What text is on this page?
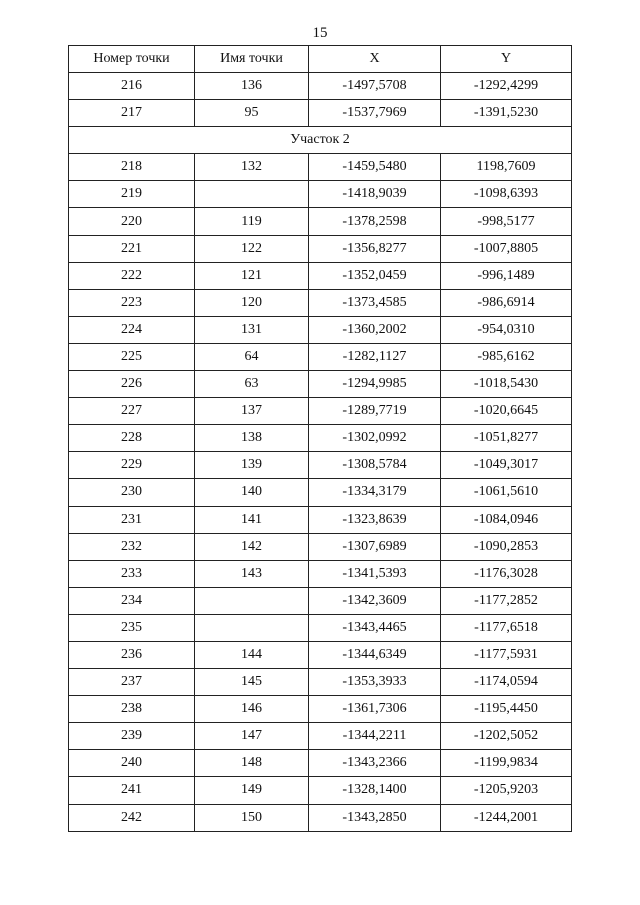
15
Номер точки	Имя точки	X	Y
216	136	-1497,5708	-1292,4299
217	95	-1537,7969	-1391,5230
Участок 2			
218	132	-1459,5480	1198,7609
219		-1418,9039	-1098,6393
220	119	-1378,2598	-998,5177
221	122	-1356,8277	-1007,8805
222	121	-1352,0459	-996,1489
223	120	-1373,4585	-986,6914
224	131	-1360,2002	-954,0310
225	64	-1282,1127	-985,6162
226	63	-1294,9985	-1018,5430
227	137	-1289,7719	-1020,6645
228	138	-1302,0992	-1051,8277
229	139	-1308,5784	-1049,3017
230	140	-1334,3179	-1061,5610
231	141	-1323,8639	-1084,0946
232	142	-1307,6989	-1090,2853
233	143	-1341,5393	-1176,3028
234		-1342,3609	-1177,2852
235		-1343,4465	-1177,6518
236	144	-1344,6349	-1177,5931
237	145	-1353,3933	-1174,0594
238	146	-1361,7306	-1195,4450
239	147	-1344,2211	-1202,5052
240	148	-1343,2366	-1199,9834
241	149	-1328,1400	-1205,9203
242	150	-1343,2850	-1244,2001
